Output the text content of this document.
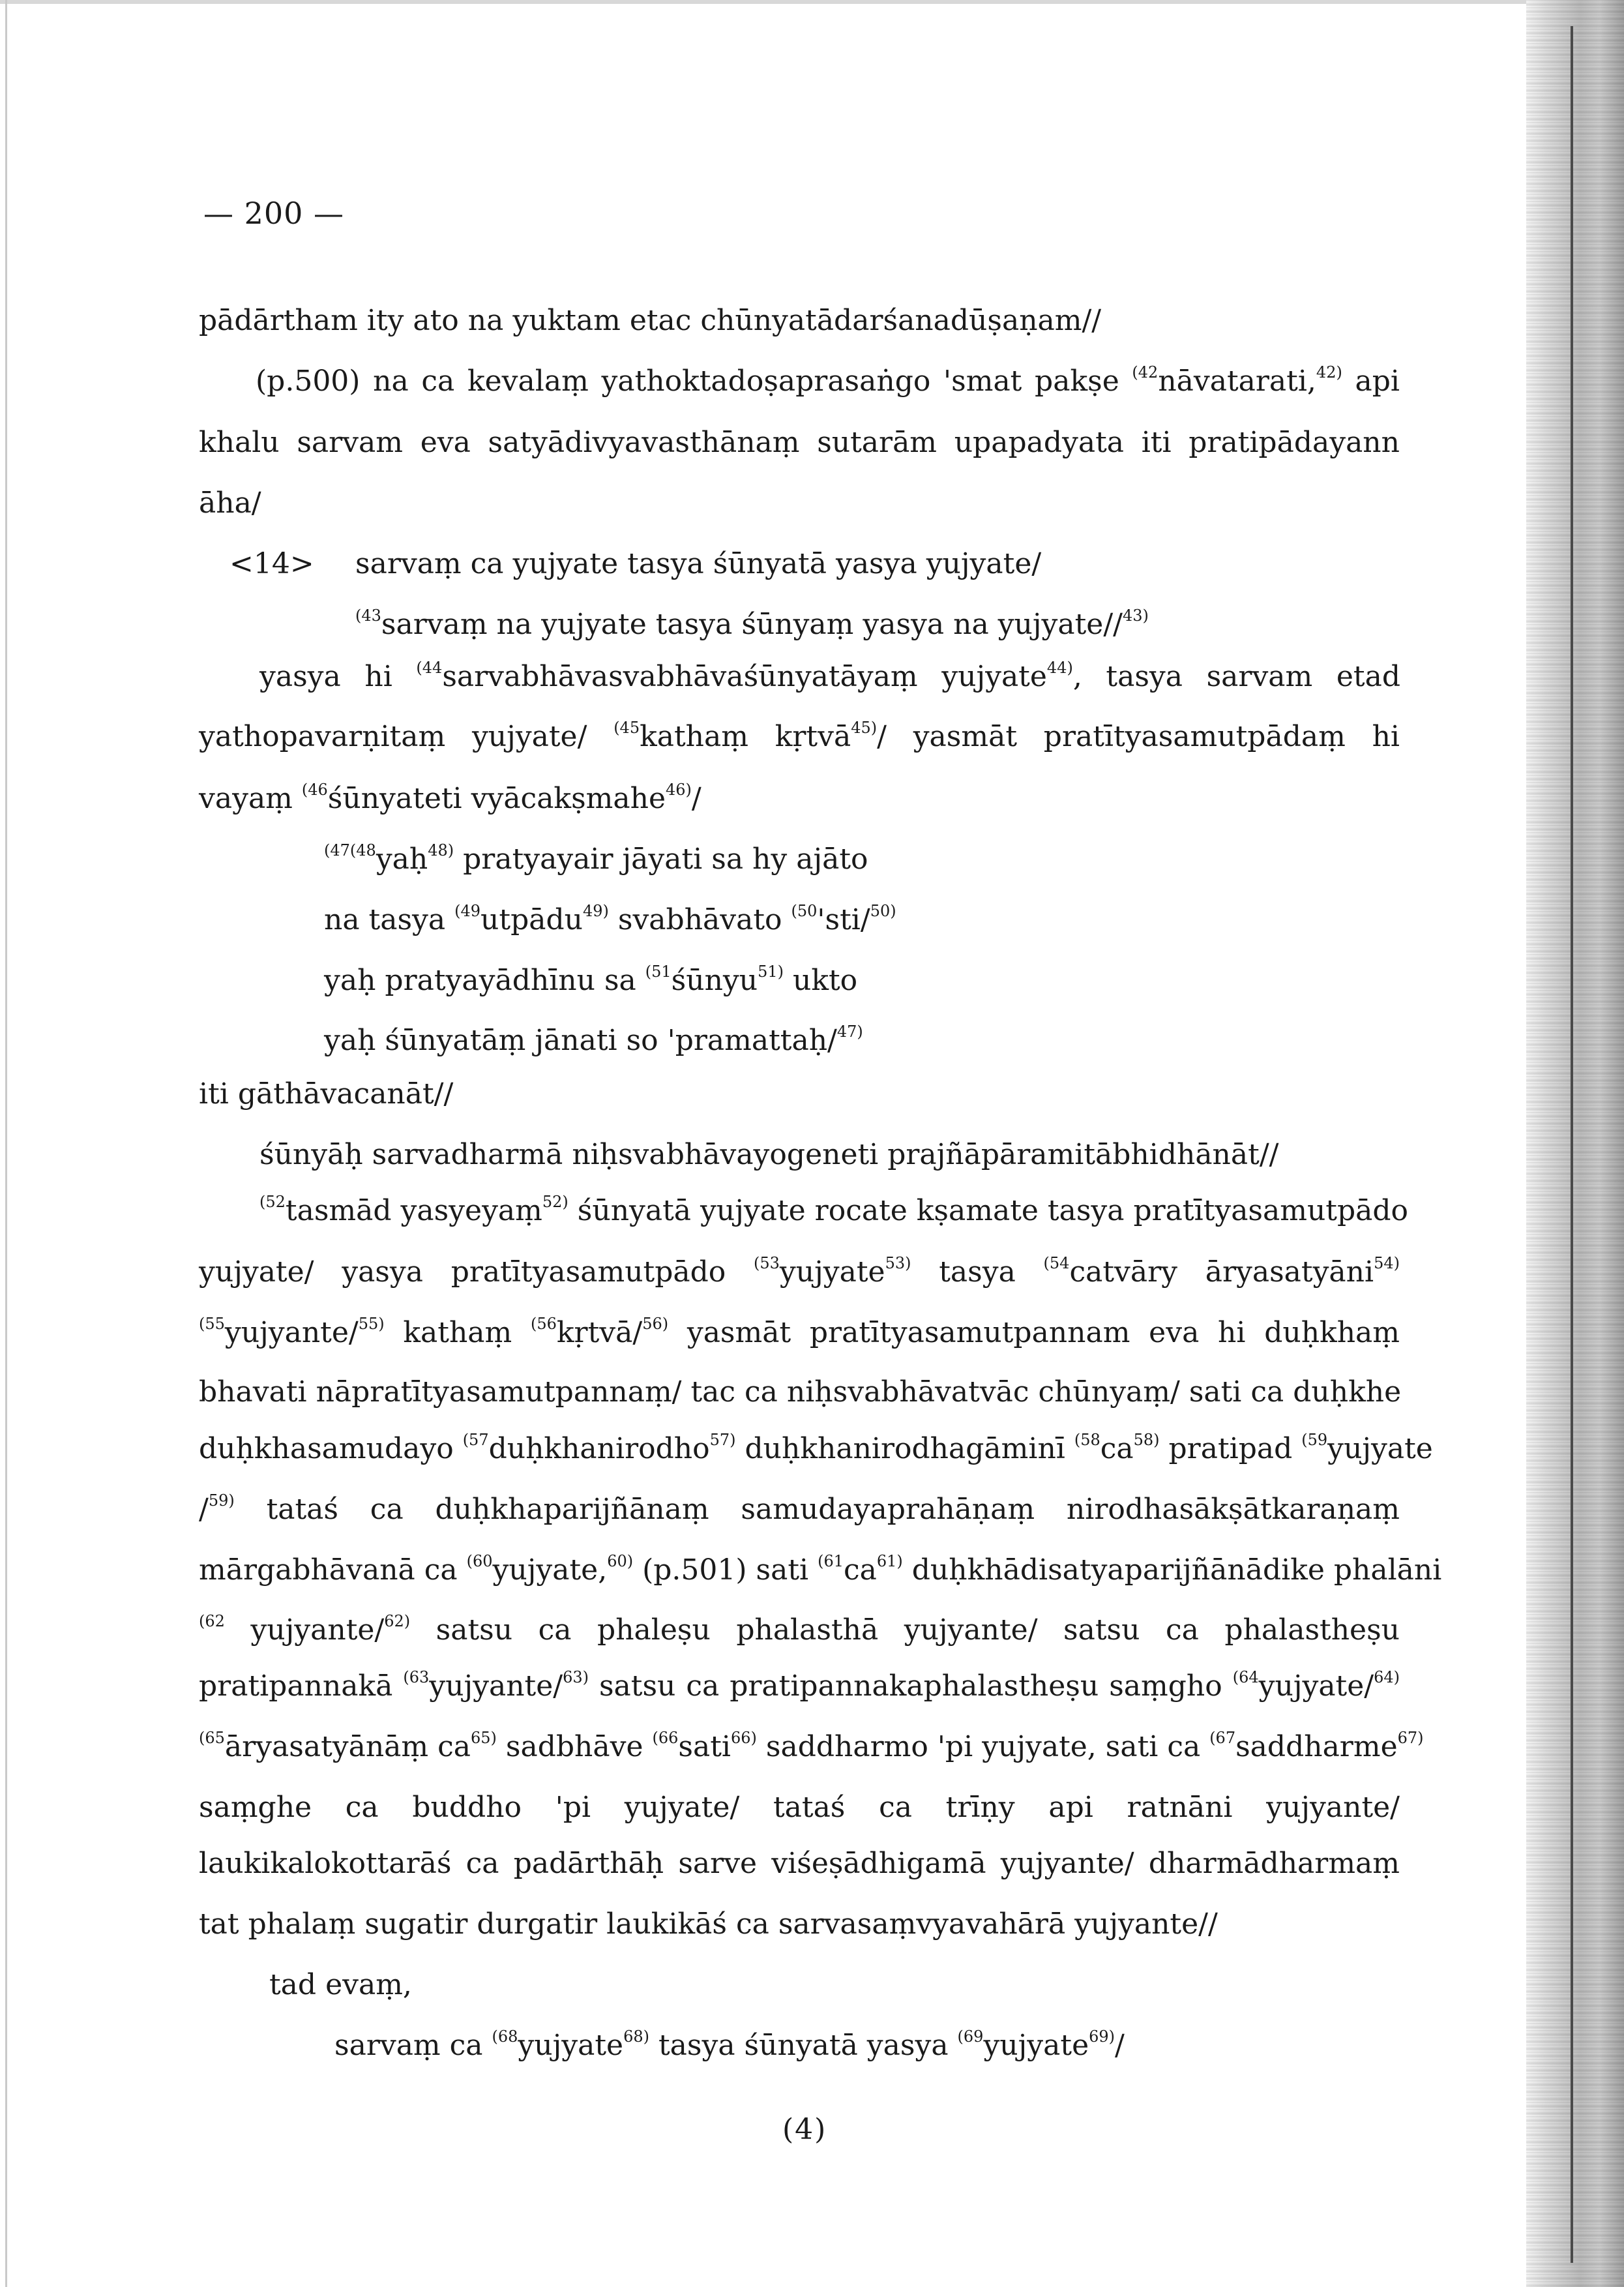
— 200 —
pādārtham ity ato na yuktam etac chūnyatādarśanadūṣaṇam//
(p.500) na ca kevalaṃ yathoktadoṣaprasaṅgo 'smat pakṣe $^{(42}$nāvatarati,$^{42)}$ api
khalu sarvam eva satyādivyavasthānaṃ sutarām upapadyata iti pratipādayann
āha/
<14> sarvaṃ ca yujyate tasya śūnyatā yasya yujyate/
$^{(43}$sarvaṃ na yujyate tasya śūnyaṃ yasya na yujyate//$^{43)}$
yasya hi $^{(44}$sarvabhāvasvabhāvaśūnyatāyaṃ yujyate$^{44)}$, tasya sarvam etad
yathopavarṇitaṃ yujyate/ $^{(45}$kathaṃ kṛtvā$^{45)}$/ yasmāt pratītyasamutpādaṃ hi
vayaṃ $^{(46}$śūnyateti vyācakṣmahe$^{46)}$/
$^{(47(48}$yaḥ$^{48)}$ pratyayair jāyati sa hy ajāto
na tasya $^{(49}$utpādu$^{49)}$ svabhāvato $^{(50}$'sti/$^{50)}$
yaḥ pratyayādhīnu sa $^{(51}$śūnyu$^{51)}$ ukto
yaḥ śūnyatāṃ jānati so 'pramattaḥ/$^{47)}$
iti gāthāvacanāt//
śūnyāḥ sarvadharmā niḥsvabhāvayogeneti prajñāpāramitābhidhānāt//
$^{(52}$tasmād yasyeyaṃ$^{52)}$ śūnyatā yujyate rocate kṣamate tasya pratītyasamutpādo
yujyate/ yasya pratītyasamutpādo $^{(53}$yujyate$^{53)}$ tasya $^{(54}$catvāry āryasatyāni$^{54)}$
$^{(55}$yujyante/$^{55)}$ kathaṃ $^{(56}$kṛtvā/$^{56)}$ yasmāt pratītyasamutpannam eva hi duḥkhaṃ
bhavati nāpratītyasamutpannaṃ/ tac ca niḥsvabhāvatvāc chūnyaṃ/ sati ca duḥkhe
duḥkhasamudayo $^{(57}$duḥkhanirodho$^{57)}$ duḥkhanirodhagāminī $^{(58}ca^{58)}$ pratipad $^{(59}$yujyate
/$^{59)}$ tataś ca duḥkhaparijñānaṃ samudayaprahāṇaṃ nirodhasākṣātkaraṇaṃ
mārgabhāvanā ca $^{(60}$yujyate,$^{60)}$ (p.501) sati $^{(61}ca^{61)}$ duḥkhādisatyaparijñānādike phalāni
$^{(62}$ yujyante/$^{62)}$ satsu ca phaleṣu phalasthā yujyante/ satsu ca phalastheṣu
pratipannakā $^{(63}$yujyante/$^{63)}$ satsu ca pratipannakaphalastheṣu saṃgho $^{(64}$yujyate/$^{64)}$
$^{(65}$āryasatyānāṃ $ca^{65)}$ sadbhāve $^{(66}$sati$^{66)}$ saddharmo 'pi yujyate, sati ca $^{(67}$saddharme$^{67)}$
saṃghe ca buddho 'pi yujyate/ tataś ca trīṇy api ratnāni yujyante/
laukikalokottarāś ca padārthāḥ sarve viśeṣādhigamā yujyante/ dharmādharmaṃ
tat phalaṃ sugatir durgatir laukikāś ca sarvasaṃvyavahārā yujyante//
tad evaṃ,
sarvaṃ ca $^{(68}$yujyate$^{68)}$ tasya śūnyatā yasya $^{(69}$yujyate$^{69)}$/
(4)
